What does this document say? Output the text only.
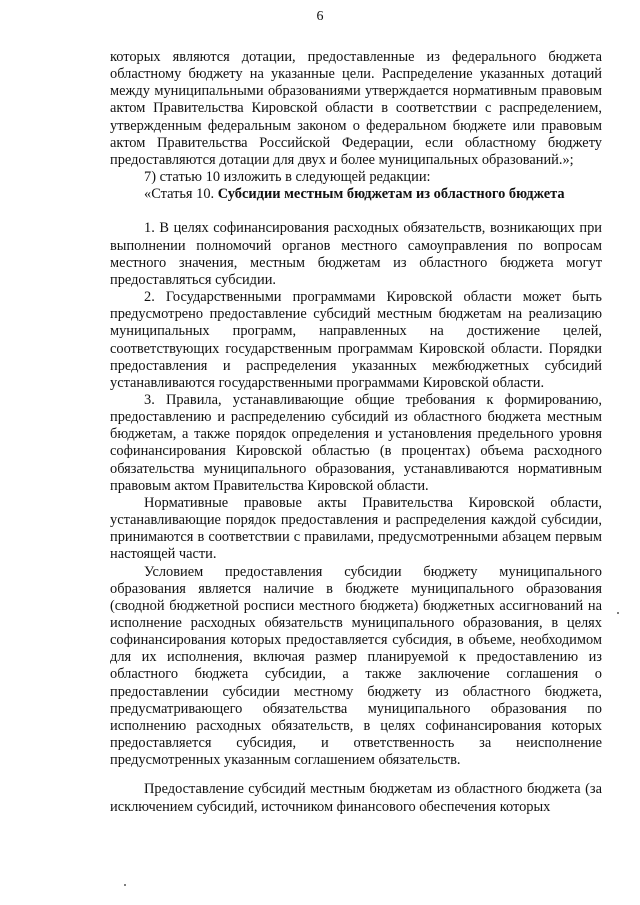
6

которых являются дотации, предоставленные из федерального бюджета областному бюджету на указанные цели. Распределение указанных дотаций между муниципальными образованиями утверждается нормативным правовым актом Правительства Кировской области в соответствии с распределением, утвержденным федеральным законом о федеральном бюджете или правовым актом Правительства Российской Федерации, если областному бюджету предоставляются дотации для двух и более муниципальных образований.»;

7) статью 10 изложить в следующей редакции:

«Статья 10. Субсидии местным бюджетам из областного бюджета

1. В целях софинансирования расходных обязательств, возникающих при выполнении полномочий органов местного самоуправления по вопросам местного значения, местным бюджетам из областного бюджета могут предоставляться субсидии.

2. Государственными программами Кировской области может быть предусмотрено предоставление субсидий местным бюджетам на реализацию муниципальных программ, направленных на достижение целей, соответствующих государственным программам Кировской области. Порядки предоставления и распределения указанных межбюджетных субсидий устанавливаются государственными программами Кировской области.

3. Правила, устанавливающие общие требования к формированию, предоставлению и распределению субсидий из областного бюджета местным бюджетам, а также порядок определения и установления предельного уровня софинансирования Кировской областью (в процентах) объема расходного обязательства муниципального образования, устанавливаются нормативным правовым актом Правительства Кировской области.

Нормативные правовые акты Правительства Кировской области, устанавливающие порядок предоставления и распределения каждой субсидии, принимаются в соответствии с правилами, предусмотренными абзацем первым настоящей части.

Условием предоставления субсидии бюджету муниципального образования является наличие в бюджете муниципального образования (сводной бюджетной росписи местного бюджета) бюджетных ассигнований на исполнение расходных обязательств муниципального образования, в целях софинансирования которых предоставляется субсидия, в объеме, необходимом для их исполнения, включая размер планируемой к предоставлению из областного бюджета субсидии, а также заключение соглашения о предоставлении субсидии местному бюджету из областного бюджета, предусматривающего обязательства муниципального образования по исполнению расходных обязательств, в целях софинансирования которых предоставляется субсидия, и ответственность за неисполнение предусмотренных указанным соглашением обязательств.

Предоставление субсидий местным бюджетам из областного бюджета (за исключением субсидий, источником финансового обеспечения которых
